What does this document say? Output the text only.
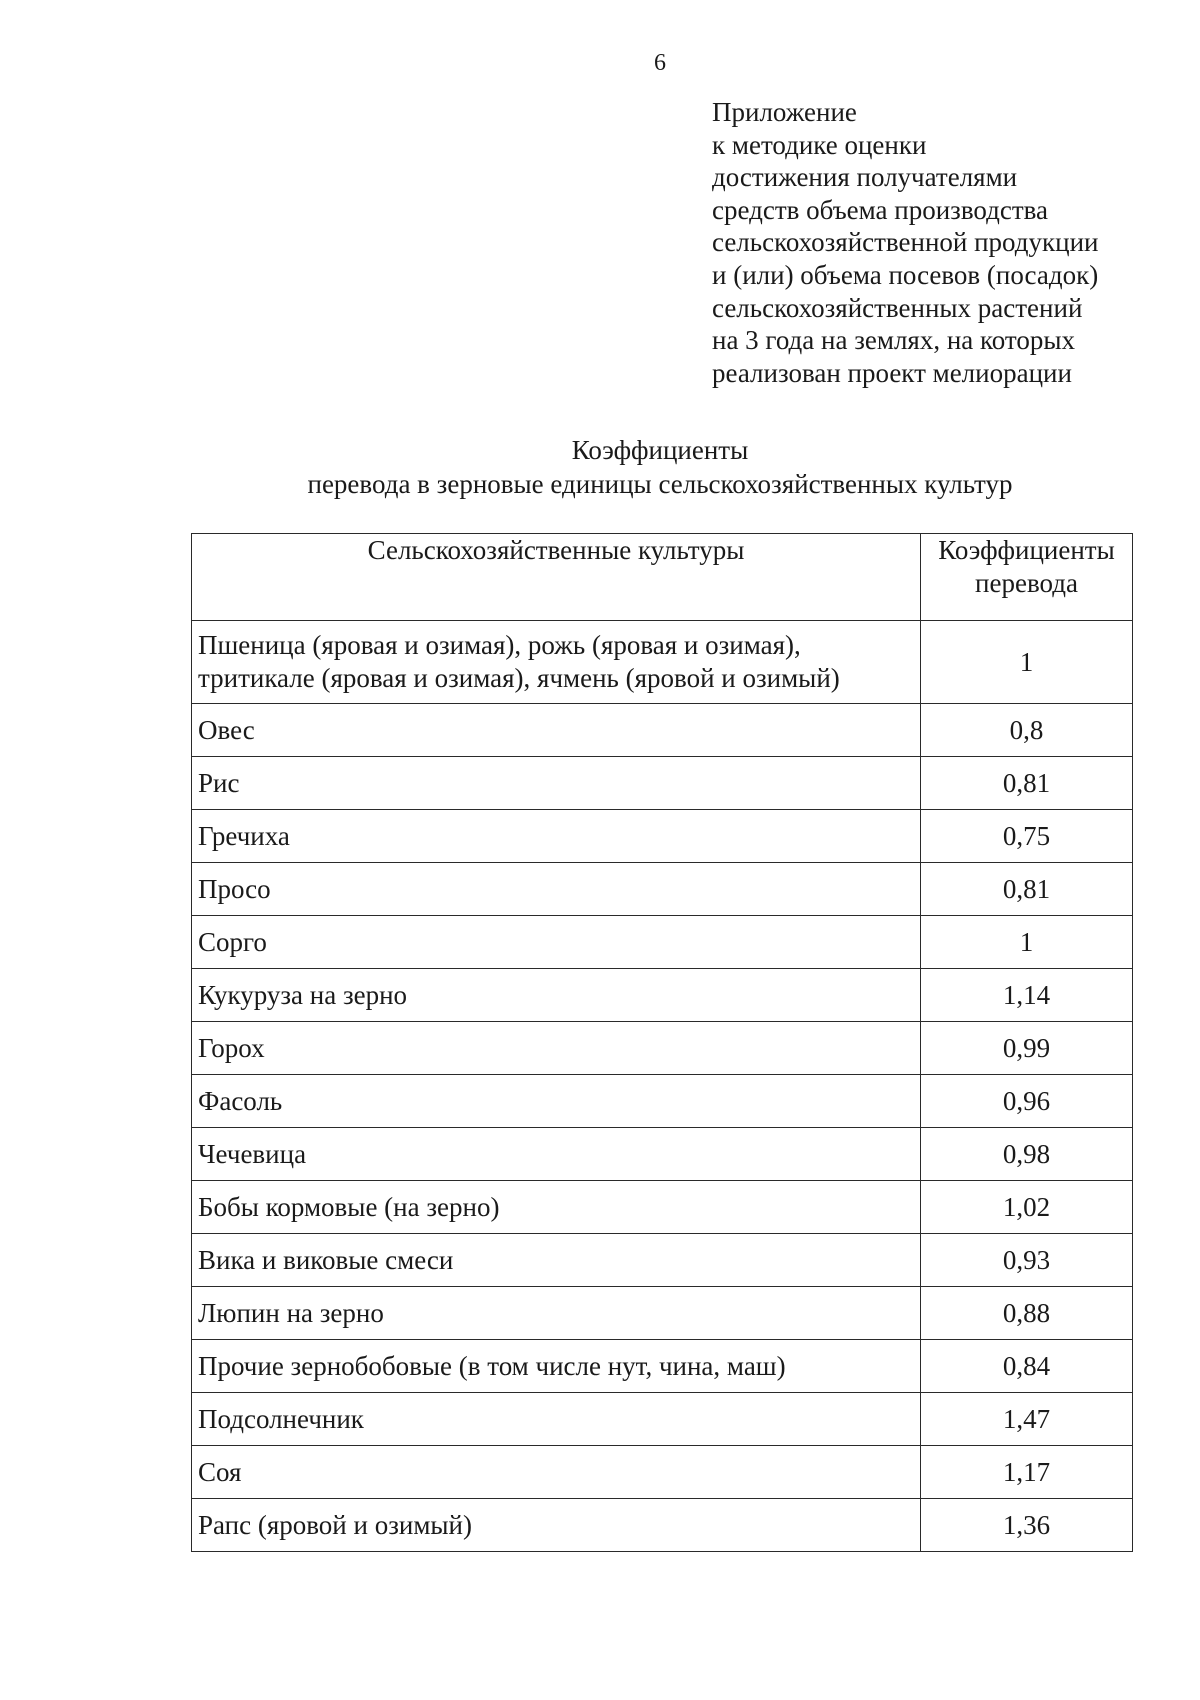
6
Приложение
к методике оценки
достижения получателями
средств объема производства
сельскохозяйственной продукции
и (или) объема посевов (посадок)
сельскохозяйственных растений
на 3 года на землях, на которых
реализован проект мелиорации
Коэффициенты
перевода в зерновые единицы сельскохозяйственных культур
Сельскохозяйственные культуры	Коэффициенты
перевода

Пшеница (яровая и озимая), рожь (яровая и озимая),
тритикале (яровая и озимая), ячмень (яровой и озимый)	1
Овес	0,8
Рис	0,81
Гречиха	0,75
Просо	0,81
Сорго	1
Кукуруза на зерно	1,14
Горох	0,99
Фасоль	0,96
Чечевица	0,98
Бобы кормовые (на зерно)	1,02
Вика и виковые смеси	0,93
Люпин на зерно	0,88
Прочие зернобобовые (в том числе нут, чина, маш)	0,84
Подсолнечник	1,47
Соя	1,17
Рапс (яровой и озимый)	1,36
